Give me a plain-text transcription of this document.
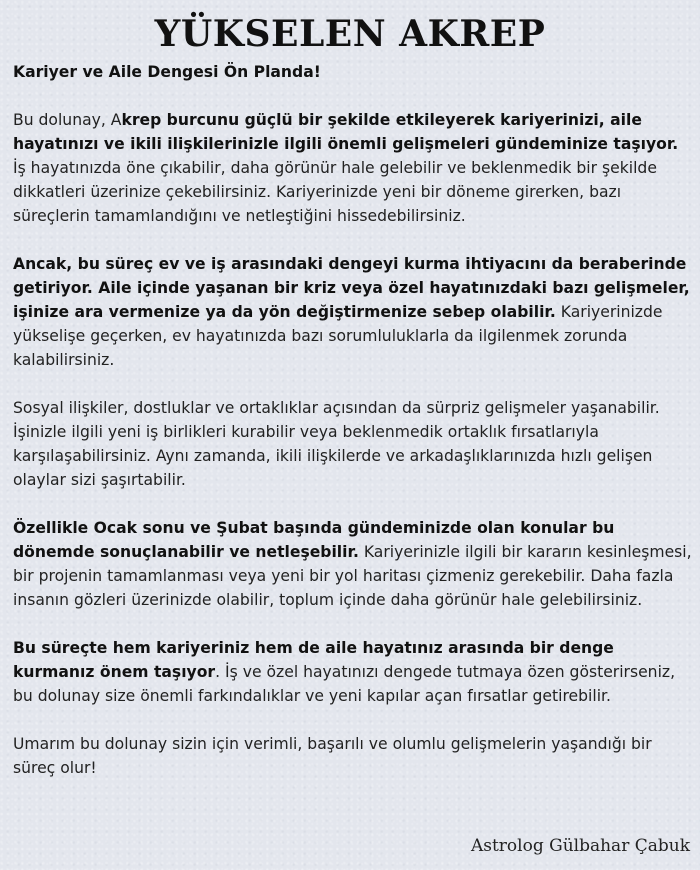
YÜKSELEN AKREP

Kariyer ve Aile Dengesi Ön Planda!

Bu dolunay, Akrep burcunu güçlü bir şekilde etkileyerek kariyerinizi, aile hayatınızı ve ikili ilişkilerinizle ilgili önemli gelişmeleri gündeminize taşıyor. İş hayatınızda öne çıkabilir, daha görünür hale gelebilir ve beklenmedik bir şekilde dikkatleri üzerinize çekebilirsiniz. Kariyerinizde yeni bir döneme girerken, bazı süreçlerin tamamlandığını ve netleştiğini hissedebilirsiniz.

Ancak, bu süreç ev ve iş arasındaki dengeyi kurma ihtiyacını da beraberinde getiriyor. Aile içinde yaşanan bir kriz veya özel hayatınızdaki bazı gelişmeler, işinize ara vermenize ya da yön değiştirmenize sebep olabilir. Kariyerinizde yükselişe geçerken, ev hayatınızda bazı sorumluluklarla da ilgilenmek zorunda kalabilirsiniz.

Sosyal ilişkiler, dostluklar ve ortaklıklar açısından da sürpriz gelişmeler yaşanabilir. İşinizle ilgili yeni iş birlikleri kurabilir veya beklenmedik ortaklık fırsatlarıyla karşılaşabilirsiniz. Aynı zamanda, ikili ilişkilerde ve arkadaşlıklarınızda hızlı gelişen olaylar sizi şaşırtabilir.

Özellikle Ocak sonu ve Şubat başında gündeminizde olan konular bu dönemde sonuçlanabilir ve netleşebilir. Kariyerinizle ilgili bir kararın kesinleşmesi, bir projenin tamamlanması veya yeni bir yol haritası çizmeniz gerekebilir. Daha fazla insanın gözleri üzerinizde olabilir, toplum içinde daha görünür hale gelebilirsiniz.

Bu süreçte hem kariyeriniz hem de aile hayatınız arasında bir denge kurmanız önem taşıyor. İş ve özel hayatınızı dengede tutmaya özen gösterirseniz, bu dolunay size önemli farkındalıklar ve yeni kapılar açan fırsatlar getirebilir.

Umarım bu dolunay sizin için verimli, başarılı ve olumlu gelişmelerin yaşandığı bir süreç olur!

Astrolog Gülbahar Çabuk
